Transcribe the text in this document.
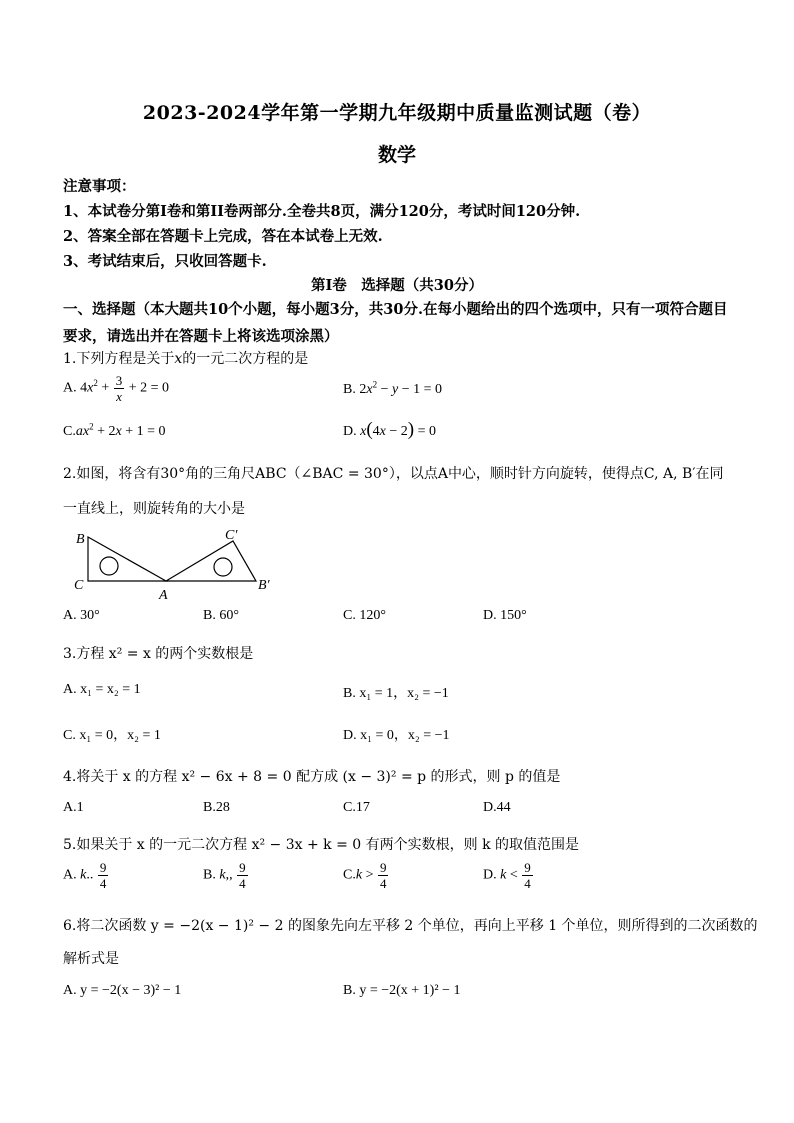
2023-2024学年第一学期九年级期中质量监测试题（卷）
数学
注意事项：
1、本试卷分第I卷和第II卷两部分.全卷共8页，满分120分，考试时间120分钟.
2、答案全部在答题卡上完成，答在本试卷上无效.
3、考试结束后，只收回答题卡.
第I卷　选择题（共30分）
一、选择题（本大题共10个小题，每小题3分，共30分.在每小题给出的四个选项中，只有一项符合题目要求，请选出并在答题卡上将该选项涂黑）
1.下列方程是关于x的一元二次方程的是
A. $4x^2 + \frac{3}{x} + 2 = 0$	B. $2x^2 - y - 1 = 0$
$C.ax^2 + 2x + 1 = 0$	D. x(4x − 2) = 0
2.如图，将含有30°角的三角尺ABC（∠BAC = 30°），以点A中心，顺时针方向旋转，使得点C, A, B′在同
一直线上，则旋转角的大小是
B
C
A
C′
B′
A. 30°	B. 60°	C. 120°	D. 150°
3.方程 x² = x 的两个实数根是
A. x₁ = x₂ = 1	B. x₁ = 1，x₂ = −1
C. x₁ = 0，x₂ = 1	D. x₁ = 0，x₂ = −1
4.将关于 x 的方程 x² − 6x + 8 = 0 配方成 (x − 3)² = p 的形式，则 p 的值是
A.1	B.28	C.17	D.44
5.如果关于 x 的一元二次方程 x² − 3x + k = 0 有两个实数根，则 k 的取值范围是
A. k.. $\frac{9}{4}$	B. k,, $\frac{9}{4}$	$C.k > \frac{9}{4}$	D. $k < \frac{9}{4}$
6.将二次函数 y = −2(x − 1)² − 2 的图象先向左平移 2 个单位，再向上平移 1 个单位，则所得到的二次函数的
解析式是
A. y = −2(x − 3)² − 1	B. y = −2(x + 1)² − 1
